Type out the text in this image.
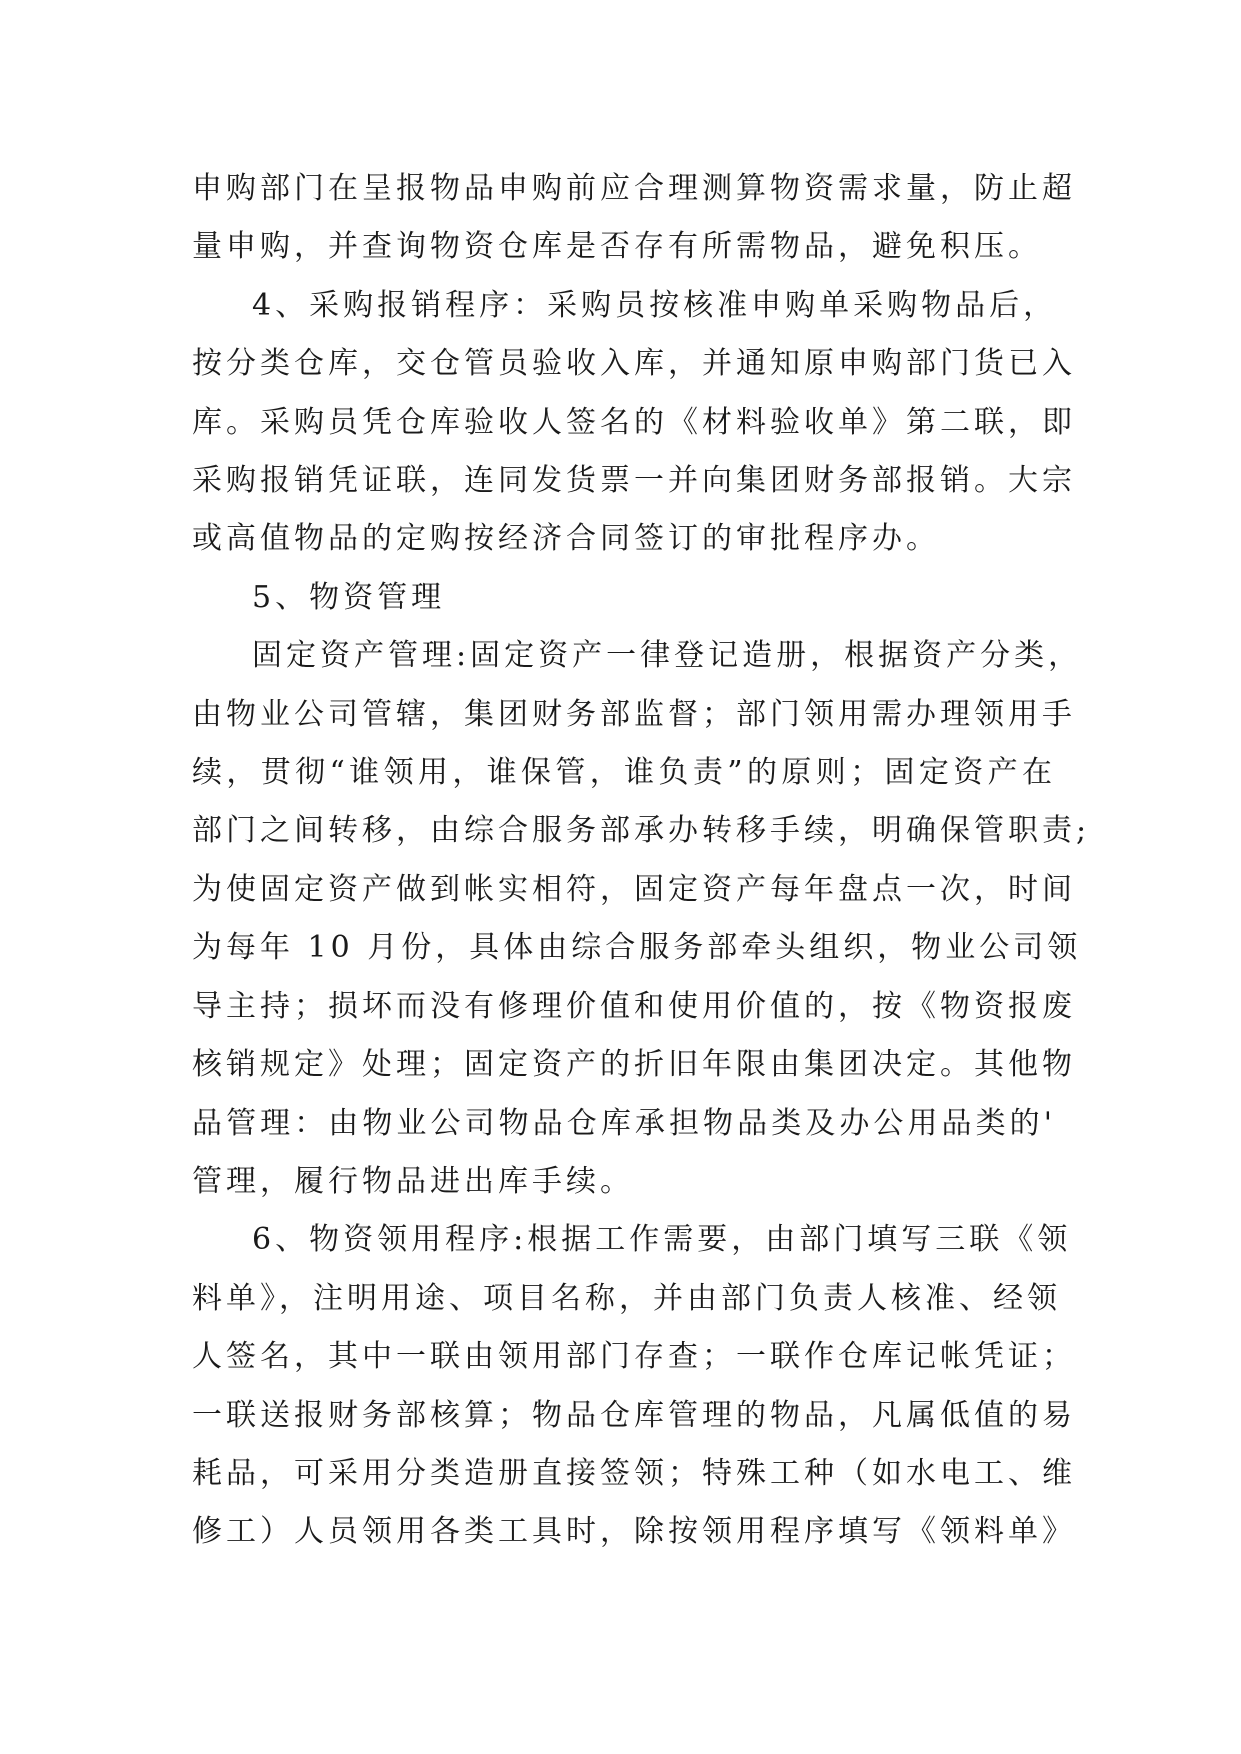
申购部门在呈报物品申购前应合理测算物资需求量，防止超
量申购，并查询物资仓库是否存有所需物品，避免积压。
4、采购报销程序：采购员按核准申购单采购物品后，
按分类仓库，交仓管员验收入库，并通知原申购部门货已入
库。采购员凭仓库验收人签名的《材料验收单》第二联，即
采购报销凭证联，连同发货票一并向集团财务部报销。大宗
或高值物品的定购按经济合同签订的审批程序办。
5、物资管理
固定资产管理:固定资产一律登记造册，根据资产分类，
由物业公司管辖，集团财务部监督；部门领用需办理领用手
续，贯彻“谁领用，谁保管，谁负责”的原则；固定资产在
部门之间转移，由综合服务部承办转移手续，明确保管职责;
为使固定资产做到帐实相符，固定资产每年盘点一次，时间
为每年 10 月份，具体由综合服务部牵头组织，物业公司领
导主持；损坏而没有修理价值和使用价值的，按《物资报废
核销规定》处理；固定资产的折旧年限由集团决定。其他物
品管理：由物业公司物品仓库承担物品类及办公用品类的'
管理，履行物品进出库手续。
6、物资领用程序:根据工作需要，由部门填写三联《领
料单》，注明用途、项目名称，并由部门负责人核准、经领
人签名，其中一联由领用部门存查；一联作仓库记帐凭证；
一联送报财务部核算；物品仓库管理的物品，凡属低值的易
耗品，可采用分类造册直接签领；特殊工种（如水电工、维
修工）人员领用各类工具时，除按领用程序填写《领料单》
